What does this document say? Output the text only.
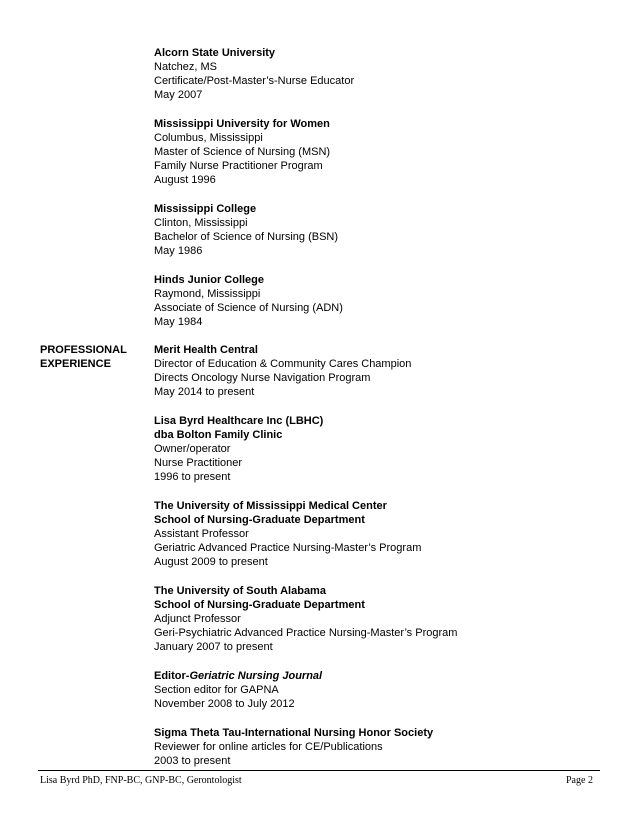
Alcorn State University
Natchez, MS
Certificate/Post-Master’s-Nurse Educator
May 2007
Mississippi University for Women
Columbus, Mississippi
Master of Science of Nursing (MSN)
Family Nurse Practitioner Program
August 1996
Mississippi College
Clinton, Mississippi
Bachelor of Science of Nursing (BSN)
May 1986
Hinds Junior College
Raymond, Mississippi
Associate of Science of Nursing (ADN)
May 1984
PROFESSIONAL
EXPERIENCE
Merit Health Central
Director of Education & Community Cares Champion
Directs Oncology Nurse Navigation Program
May 2014 to present
Lisa Byrd Healthcare Inc (LBHC)
dba Bolton Family Clinic
Owner/operator
Nurse Practitioner
1996 to present
The University of Mississippi Medical Center
School of Nursing-Graduate Department
Assistant Professor
Geriatric Advanced Practice Nursing-Master’s Program
August 2009 to present
The University of South Alabama
School of Nursing-Graduate Department
Adjunct Professor
Geri-Psychiatric Advanced Practice Nursing-Master’s Program
January 2007 to present
Editor-Geriatric Nursing Journal
Section editor for GAPNA
November 2008 to July 2012
Sigma Theta Tau-International Nursing Honor Society
Reviewer for online articles for CE/Publications
2003 to present
Lisa Byrd PhD, FNP-BC, GNP-BC, Gerontologist	Page 2
